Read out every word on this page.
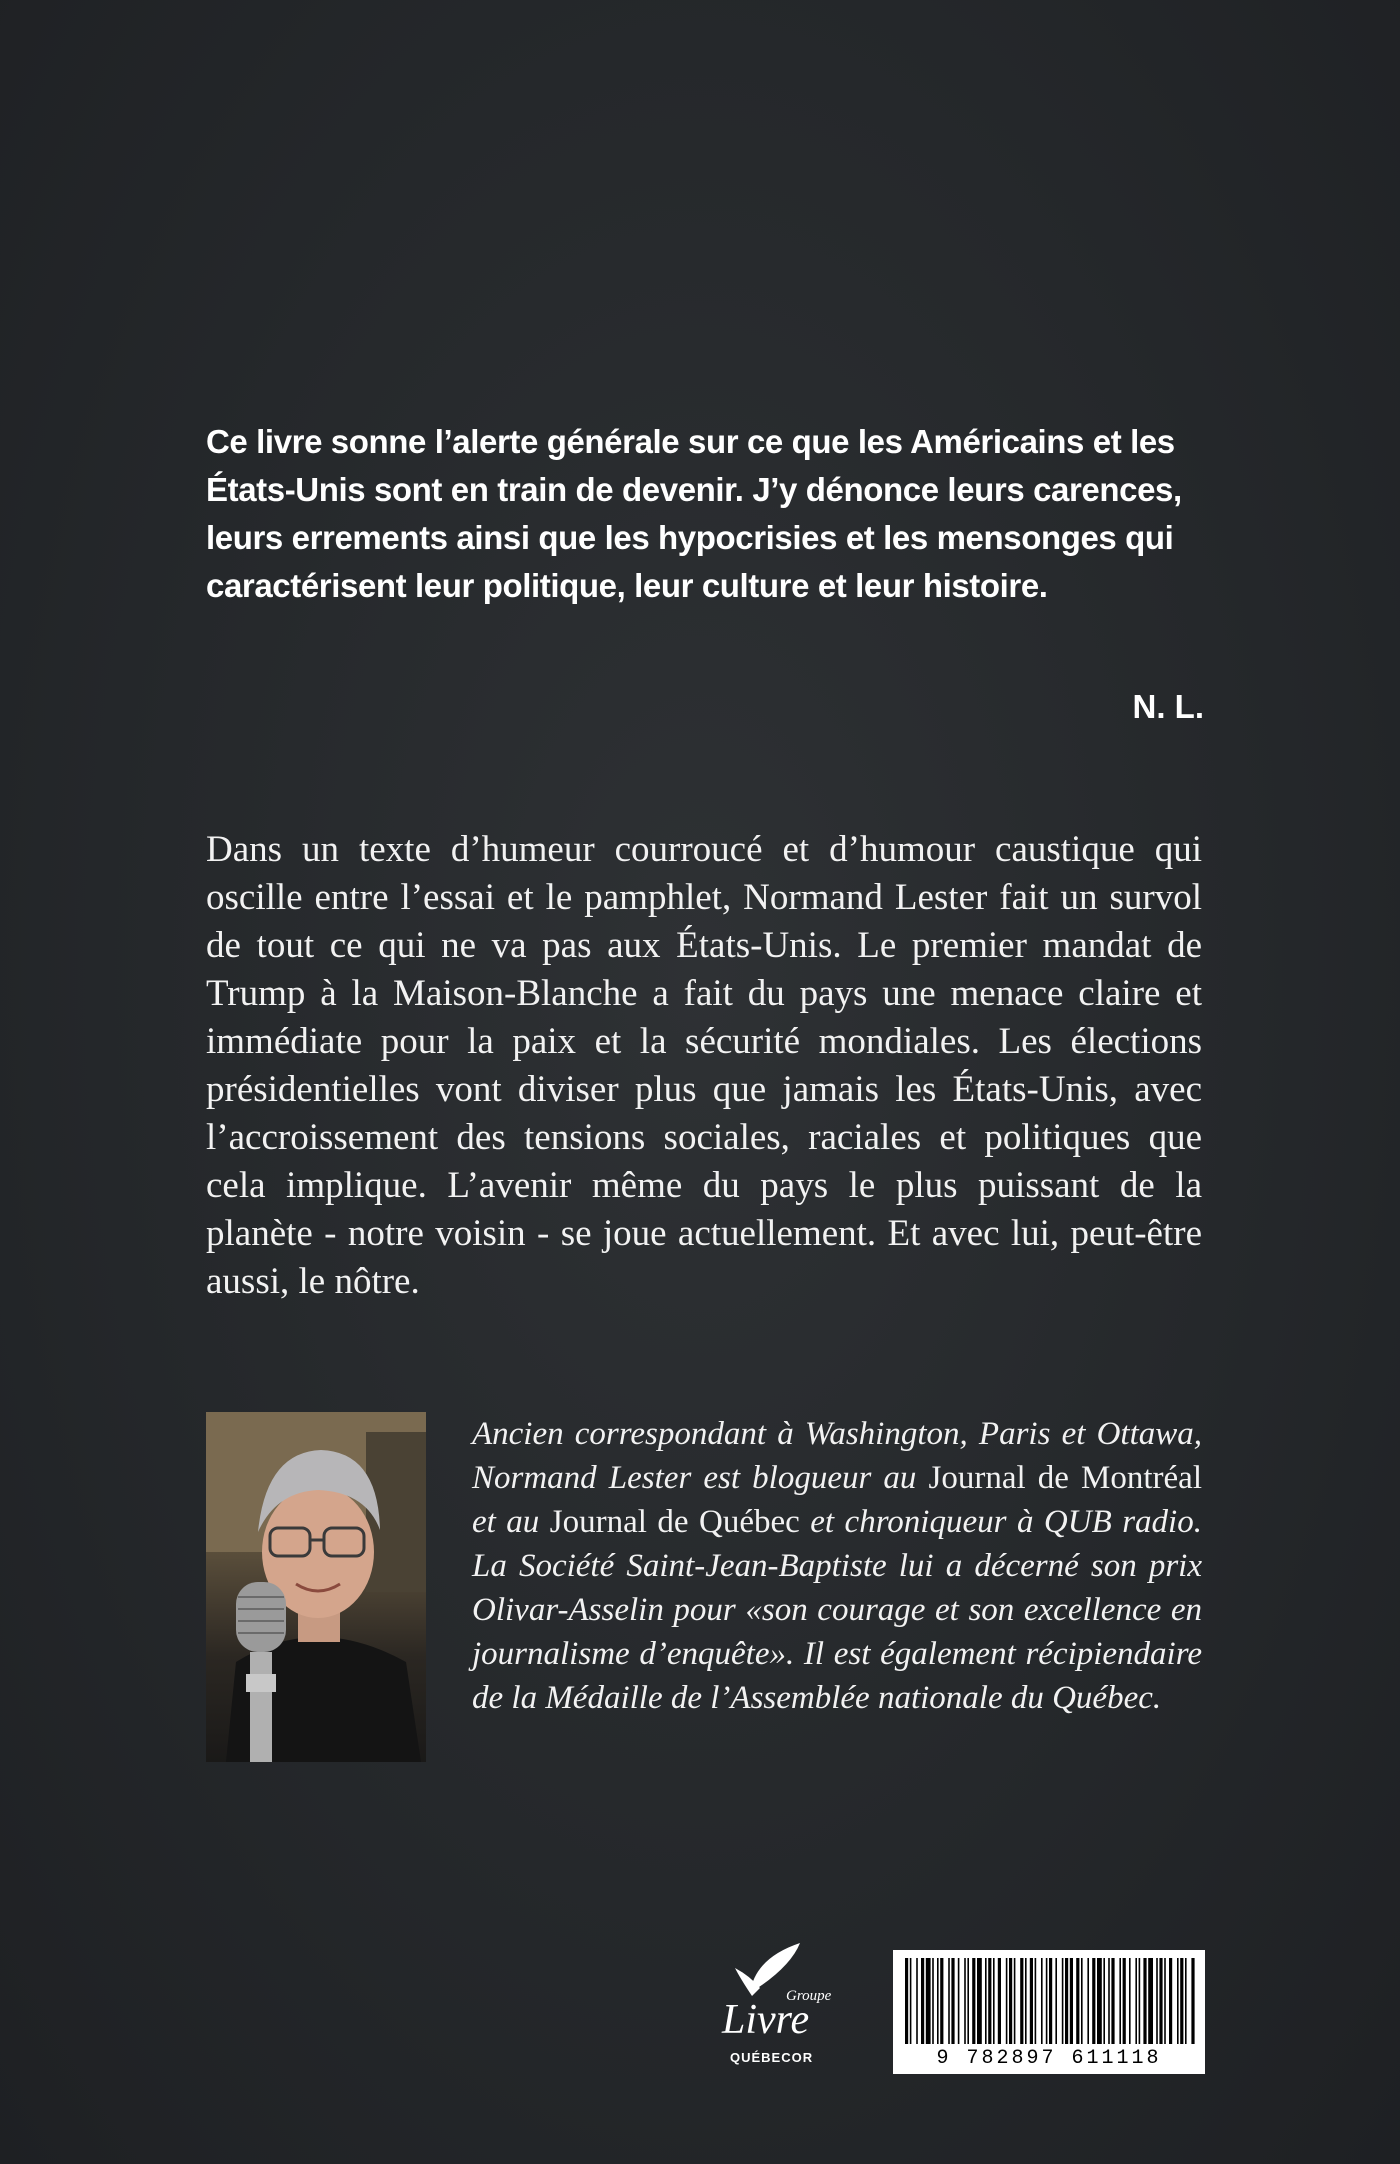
Ce livre sonne l’alerte générale sur ce que les Américains et les États-Unis sont en train de devenir. J’y dénonce leurs carences, leurs errements ainsi que les hypocrisies et les mensonges qui caractérisent leur politique, leur culture et leur histoire.

N. L.

Dans un texte d’humeur courroucé et d’humour caustique qui oscille entre l’essai et le pamphlet, Normand Lester fait un survol de tout ce qui ne va pas aux États-Unis. Le premier mandat de Trump à la Maison-Blanche a fait du pays une menace claire et immédiate pour la paix et la sécurité mondiales. Les élections présidentielles vont diviser plus que jamais les États-Unis, avec l’accroissement des tensions sociales, raciales et politiques que cela implique. L’avenir même du pays le plus puissant de la planète - notre voisin - se joue actuellement. Et avec lui, peut-être aussi, le nôtre.

Ancien correspondant à Washington, Paris et Ottawa, Normand Lester est blogueur au Journal de Montréal et au Journal de Québec et chroniqueur à QUB radio. La Société Saint-Jean-Baptiste lui a décerné son prix Olivar-Asselin pour «son courage et son excellence en journalisme d’enquête». Il est également récipiendaire de la Médaille de l’Assemblée nationale du Québec.

Groupe
Livre
QUÉBECOR	9 782897 611118
